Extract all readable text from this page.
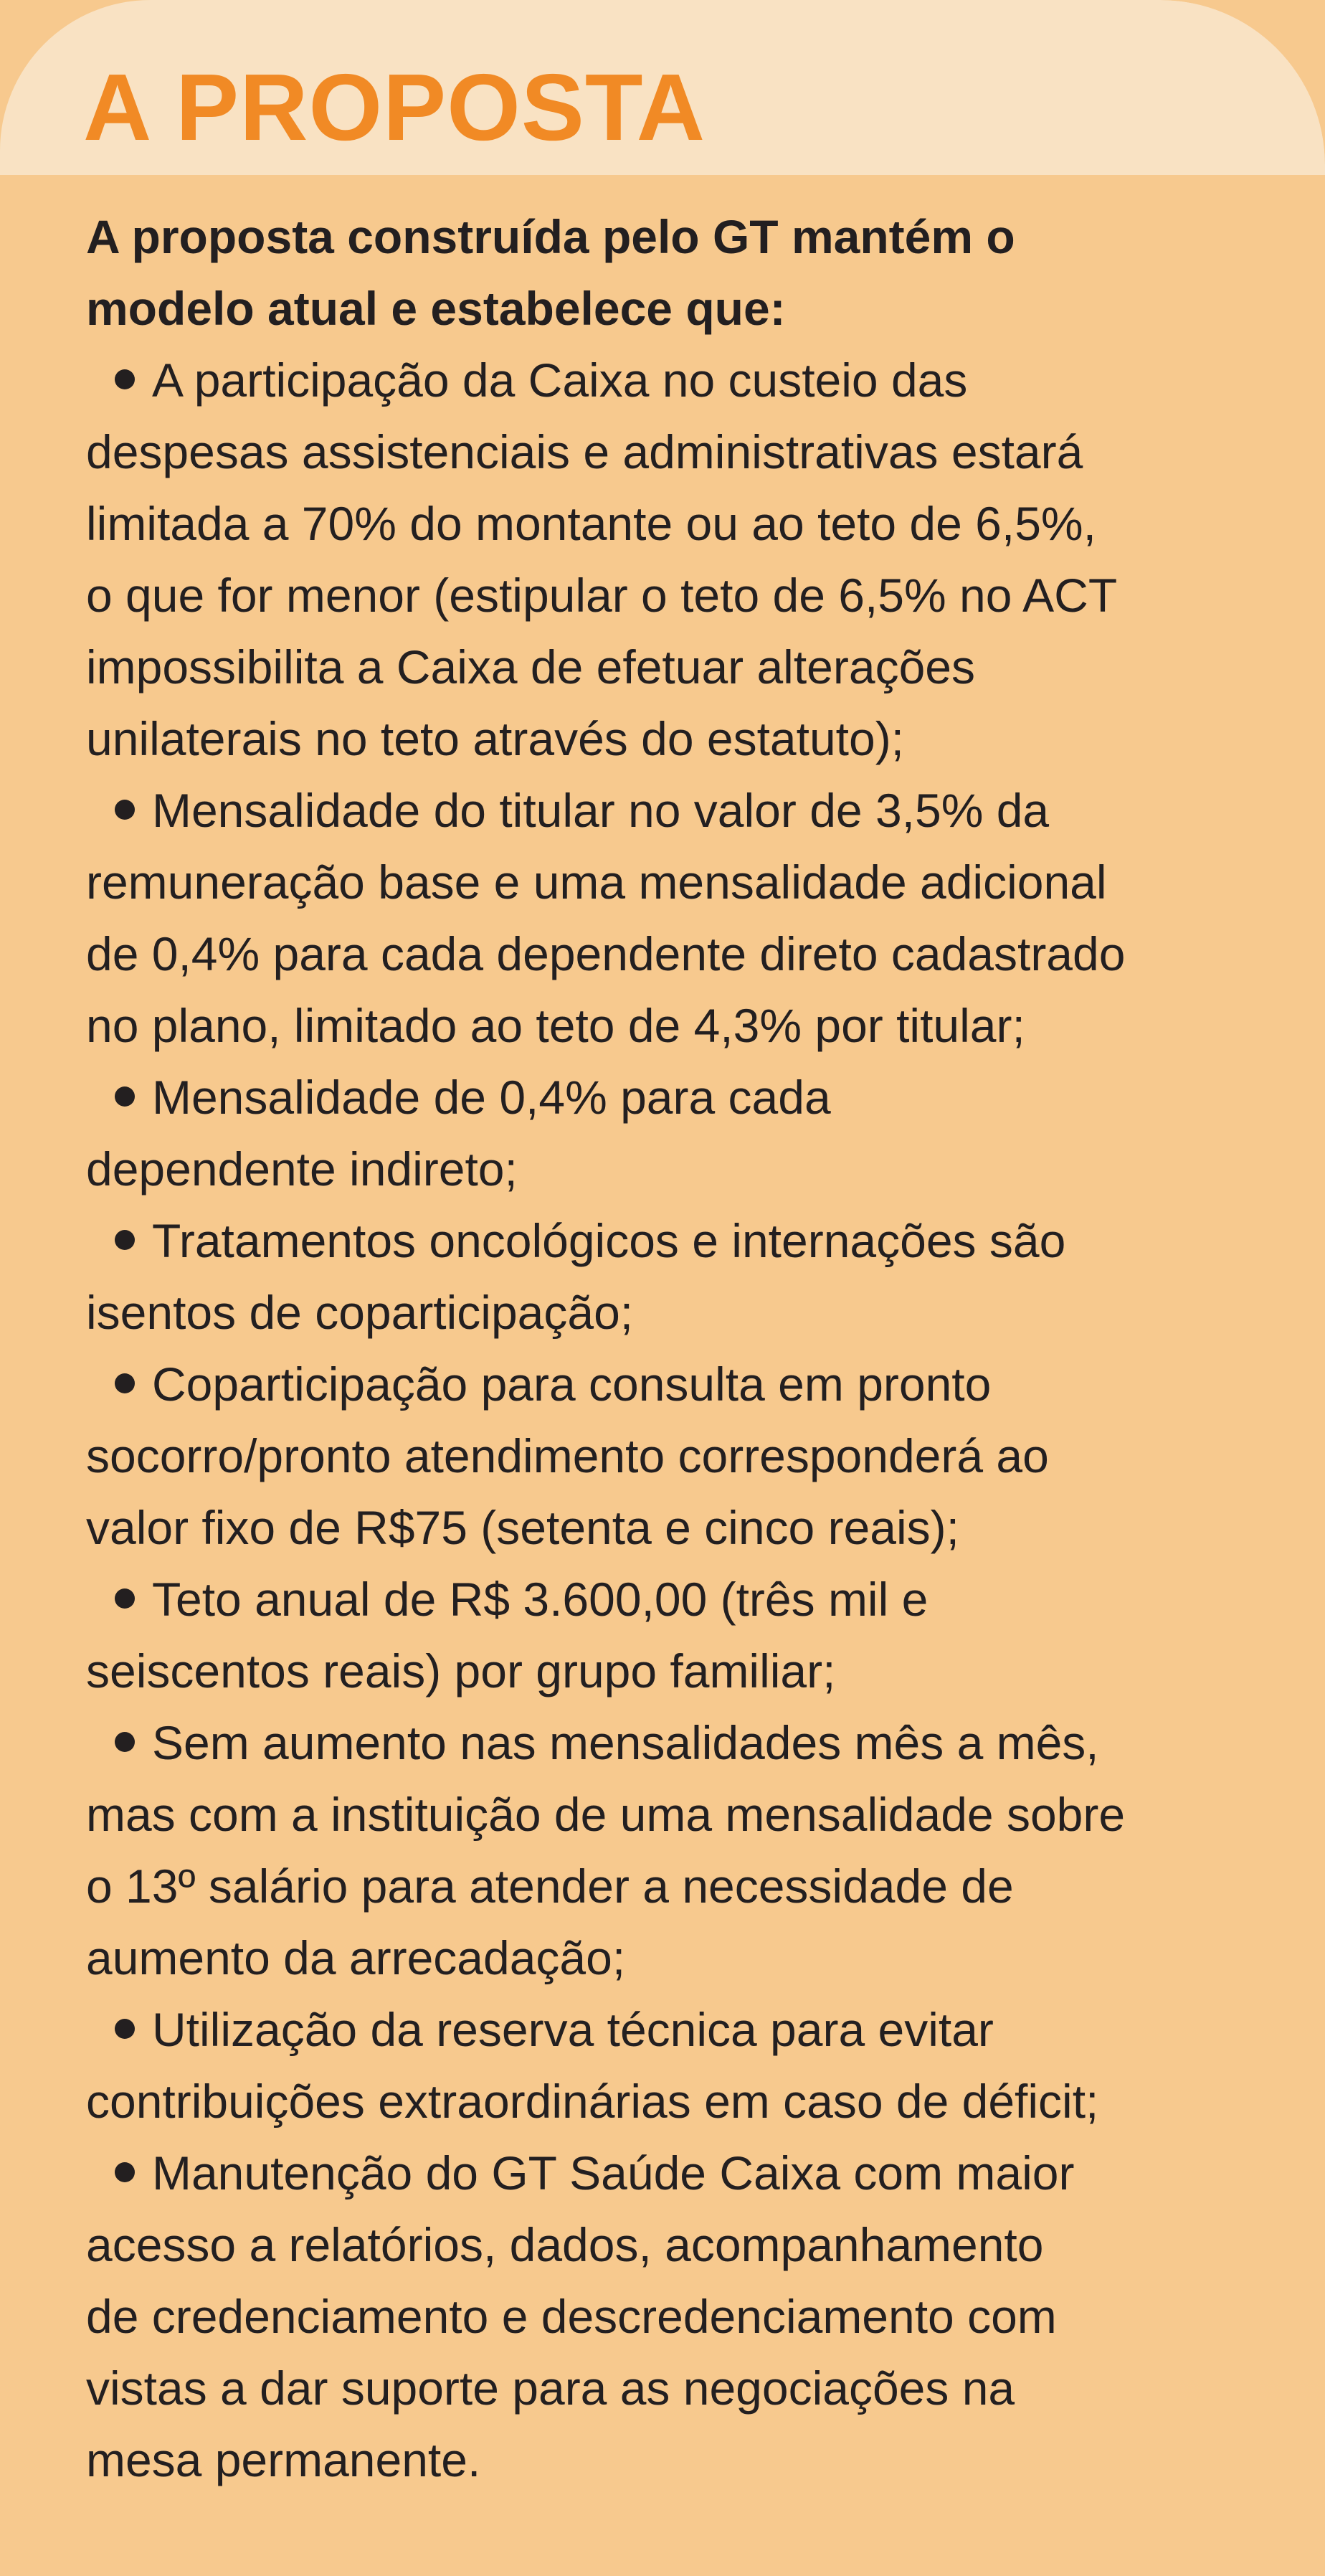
A PROPOSTA

A proposta construída pelo GT mantém o
modelo atual e estabelece que:

A participação da Caixa no custeio das
despesas assistenciais e administrativas estará
limitada a 70% do montante ou ao teto de 6,5%,
o que for menor (estipular o teto de 6,5% no ACT
impossibilita a Caixa de efetuar alterações
unilaterais no teto através do estatuto);
Mensalidade do titular no valor de 3,5% da
remuneração base e uma mensalidade adicional
de 0,4% para cada dependente direto cadastrado
no plano, limitado ao teto de 4,3% por titular;
Mensalidade de 0,4% para cada
dependente indireto;
Tratamentos oncológicos e internações são
isentos de coparticipação;
Coparticipação para consulta em pronto
socorro/pronto atendimento corresponderá ao
valor fixo de R$75 (setenta e cinco reais);
Teto anual de R$ 3.600,00 (três mil e
seiscentos reais) por grupo familiar;
Sem aumento nas mensalidades mês a mês,
mas com a instituição de uma mensalidade sobre
o 13º salário para atender a necessidade de
aumento da arrecadação;
Utilização da reserva técnica para evitar
contribuições extraordinárias em caso de déficit;
Manutenção do GT Saúde Caixa com maior
acesso a relatórios, dados, acompanhamento
de credenciamento e descredenciamento com
vistas a dar suporte para as negociações na
mesa permanente.
